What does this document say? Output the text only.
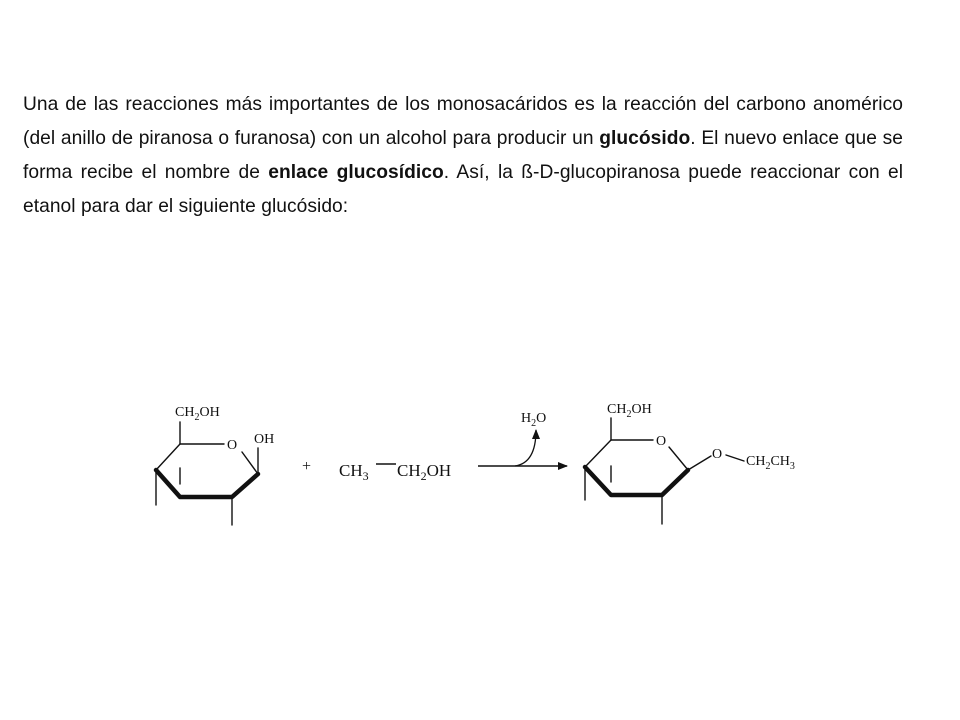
Una de las reacciones más importantes de los monosacáridos es la reacción del carbono anomérico (del anillo de piranosa o furanosa) con un alcohol para producir un glucósido. El nuevo enlace que se forma recibe el nombre de enlace glucosídico. Así, la ß-D-glucopiranosa puede reaccionar con el etanol para dar el siguiente glucósido:

$CH_2OH$
O OH
+ $CH_3$ $CH_2OH$
$H_2O$
$CH_2OH$
O
O $CH_2CH_3$
